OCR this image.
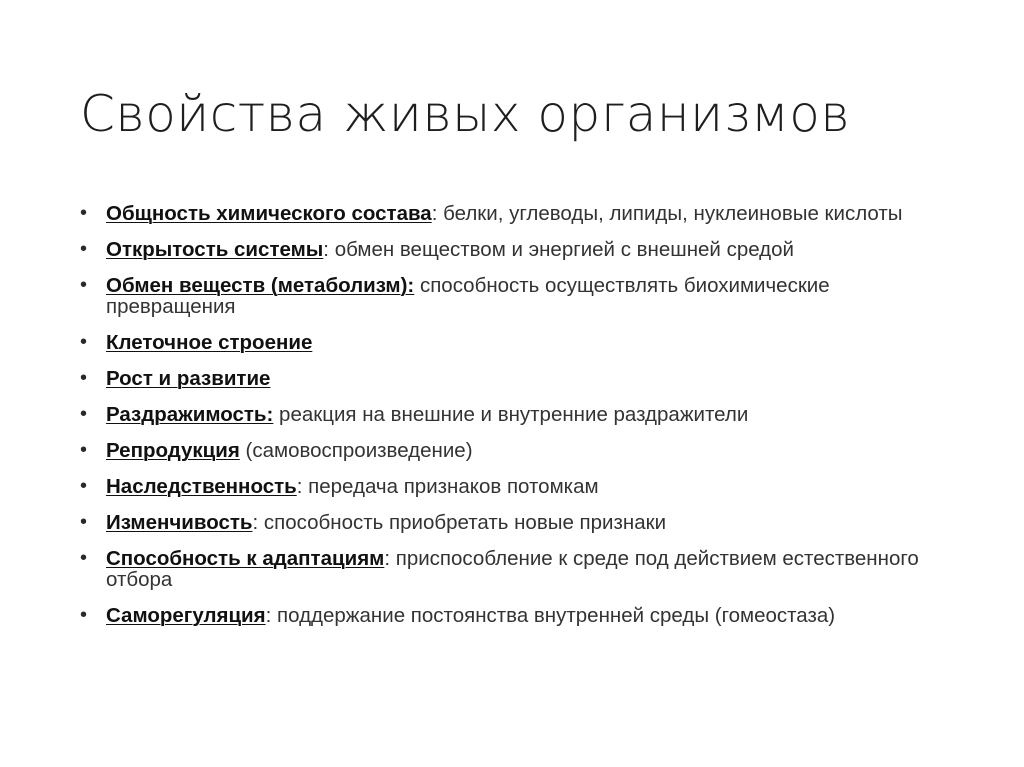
Свойства живых организмов
• Общность химического состава: белки, углеводы, липиды, нуклеиновые кислоты
• Открытость системы: обмен веществом и энергией с внешней средой
• Обмен веществ (метаболизм): способность осуществлять биохимические превращения
• Клеточное строение
• Рост и развитие
• Раздражимость: реакция на внешние и внутренние раздражители
• Репродукция (самовоспроизведение)
• Наследственность: передача признаков потомкам
• Изменчивость: способность приобретать новые признаки
• Способность к адаптациям: приспособление к среде под действием естественного отбора
• Саморегуляция: поддержание постоянства внутренней среды (гомеостаза)
